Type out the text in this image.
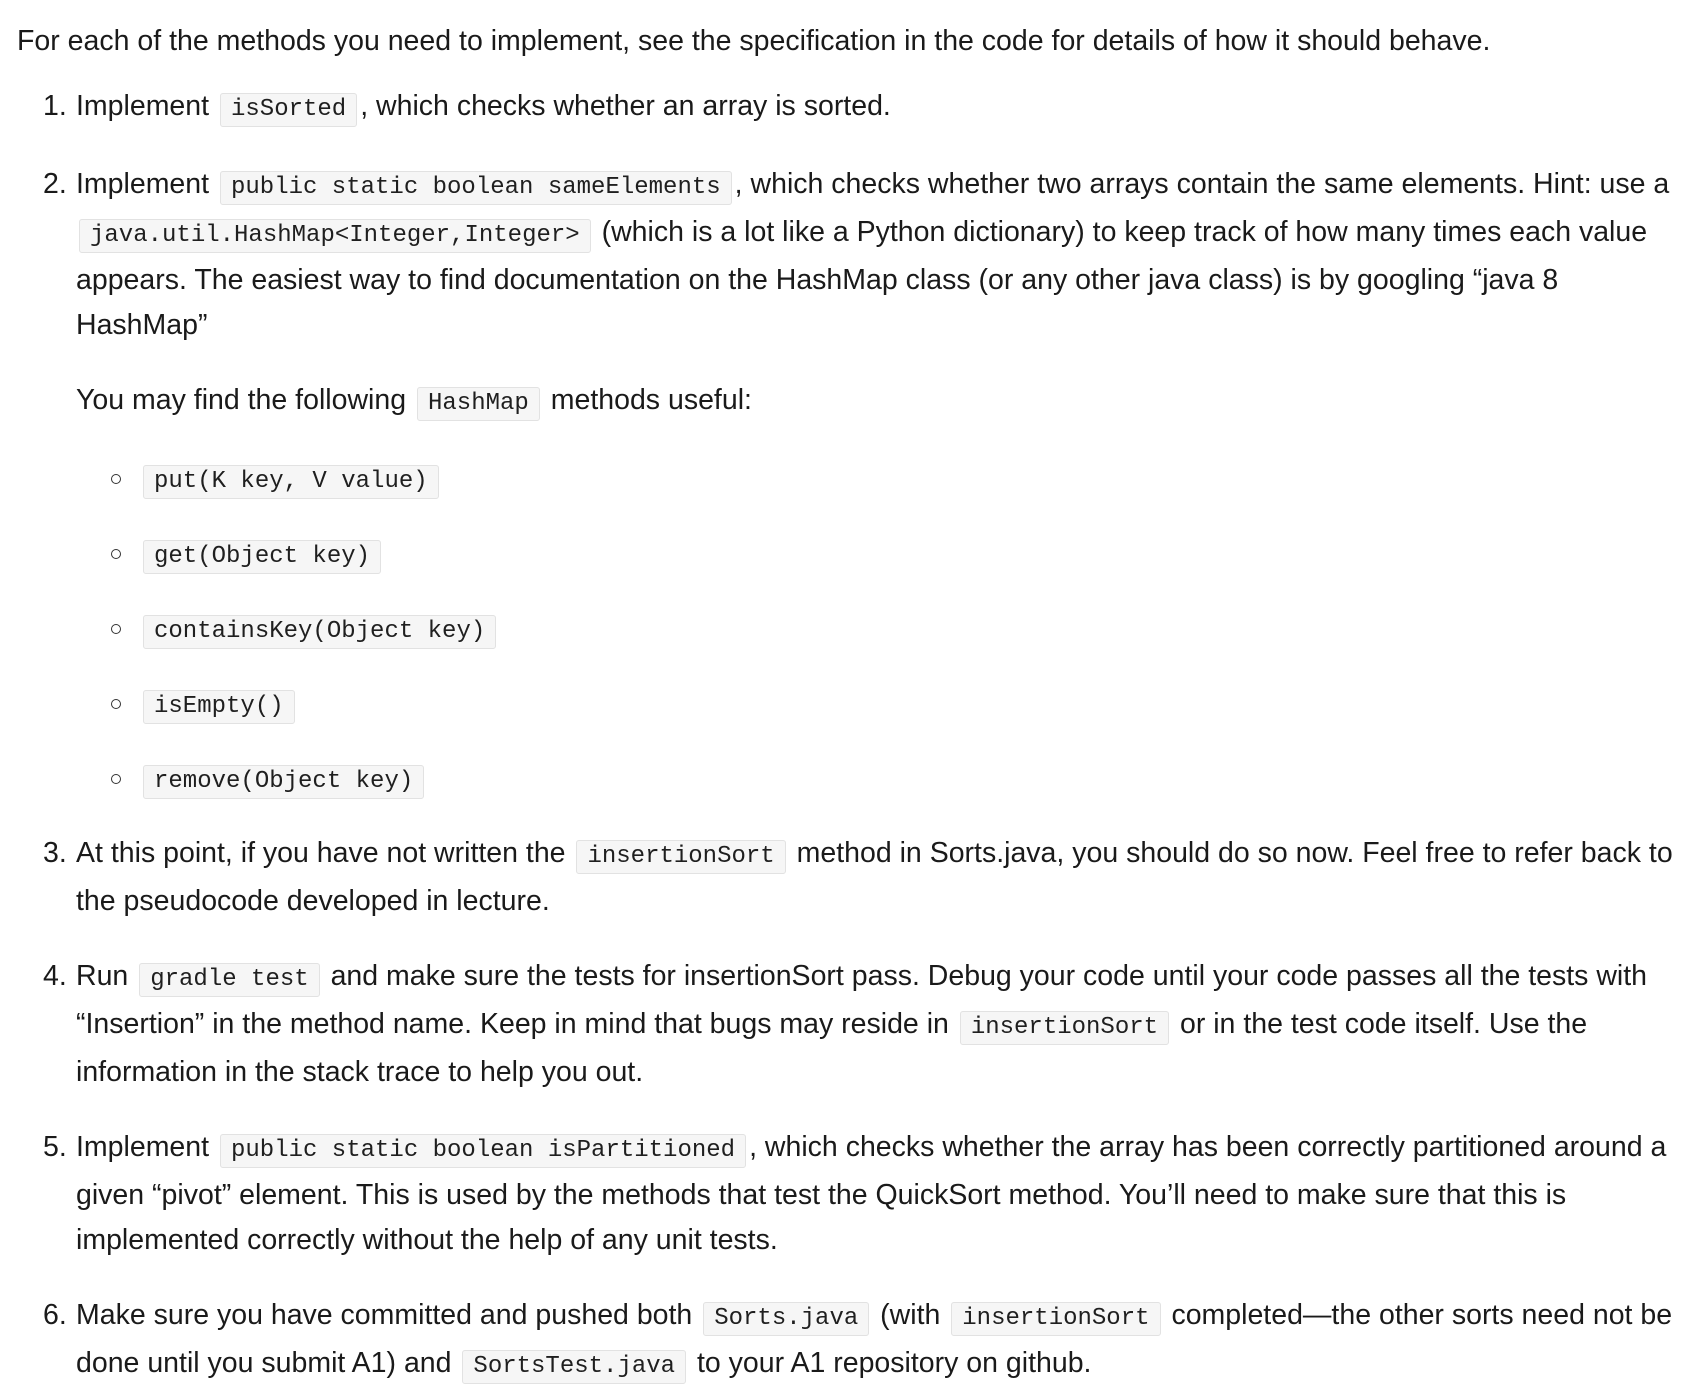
For each of the methods you need to implement, see the specification in the code for details of how it should behave.

1. Implement isSorted , which checks whether an array is sorted.
2. Implement public static boolean sameElements , which checks whether two arrays contain the same elements. Hint: use a java.util.HashMap<Integer,Integer> (which is a lot like a Python dictionary) to keep track of how many times each value appears. The easiest way to find documentation on the HashMap class (or any other java class) is by googling “java 8 HashMap”
You may find the following HashMap methods useful:
put(K key, V value)
get(Object key)
containsKey(Object key)
isEmpty()
remove(Object key)
3. At this point, if you have not written the insertionSort method in Sorts.java, you should do so now. Feel free to refer back to the pseudocode developed in lecture.
4. Run gradle test and make sure the tests for insertionSort pass. Debug your code until your code passes all the tests with “Insertion” in the method name. Keep in mind that bugs may reside in insertionSort or in the test code itself. Use the information in the stack trace to help you out.
5. Implement public static boolean isPartitioned , which checks whether the array has been correctly partitioned around a given “pivot” element. This is used by the methods that test the QuickSort method. You’ll need to make sure that this is implemented correctly without the help of any unit tests.
6. Make sure you have committed and pushed both Sorts.java (with insertionSort completed—the other sorts need not be done until you submit A1) and SortsTest.java to your A1 repository on github.
